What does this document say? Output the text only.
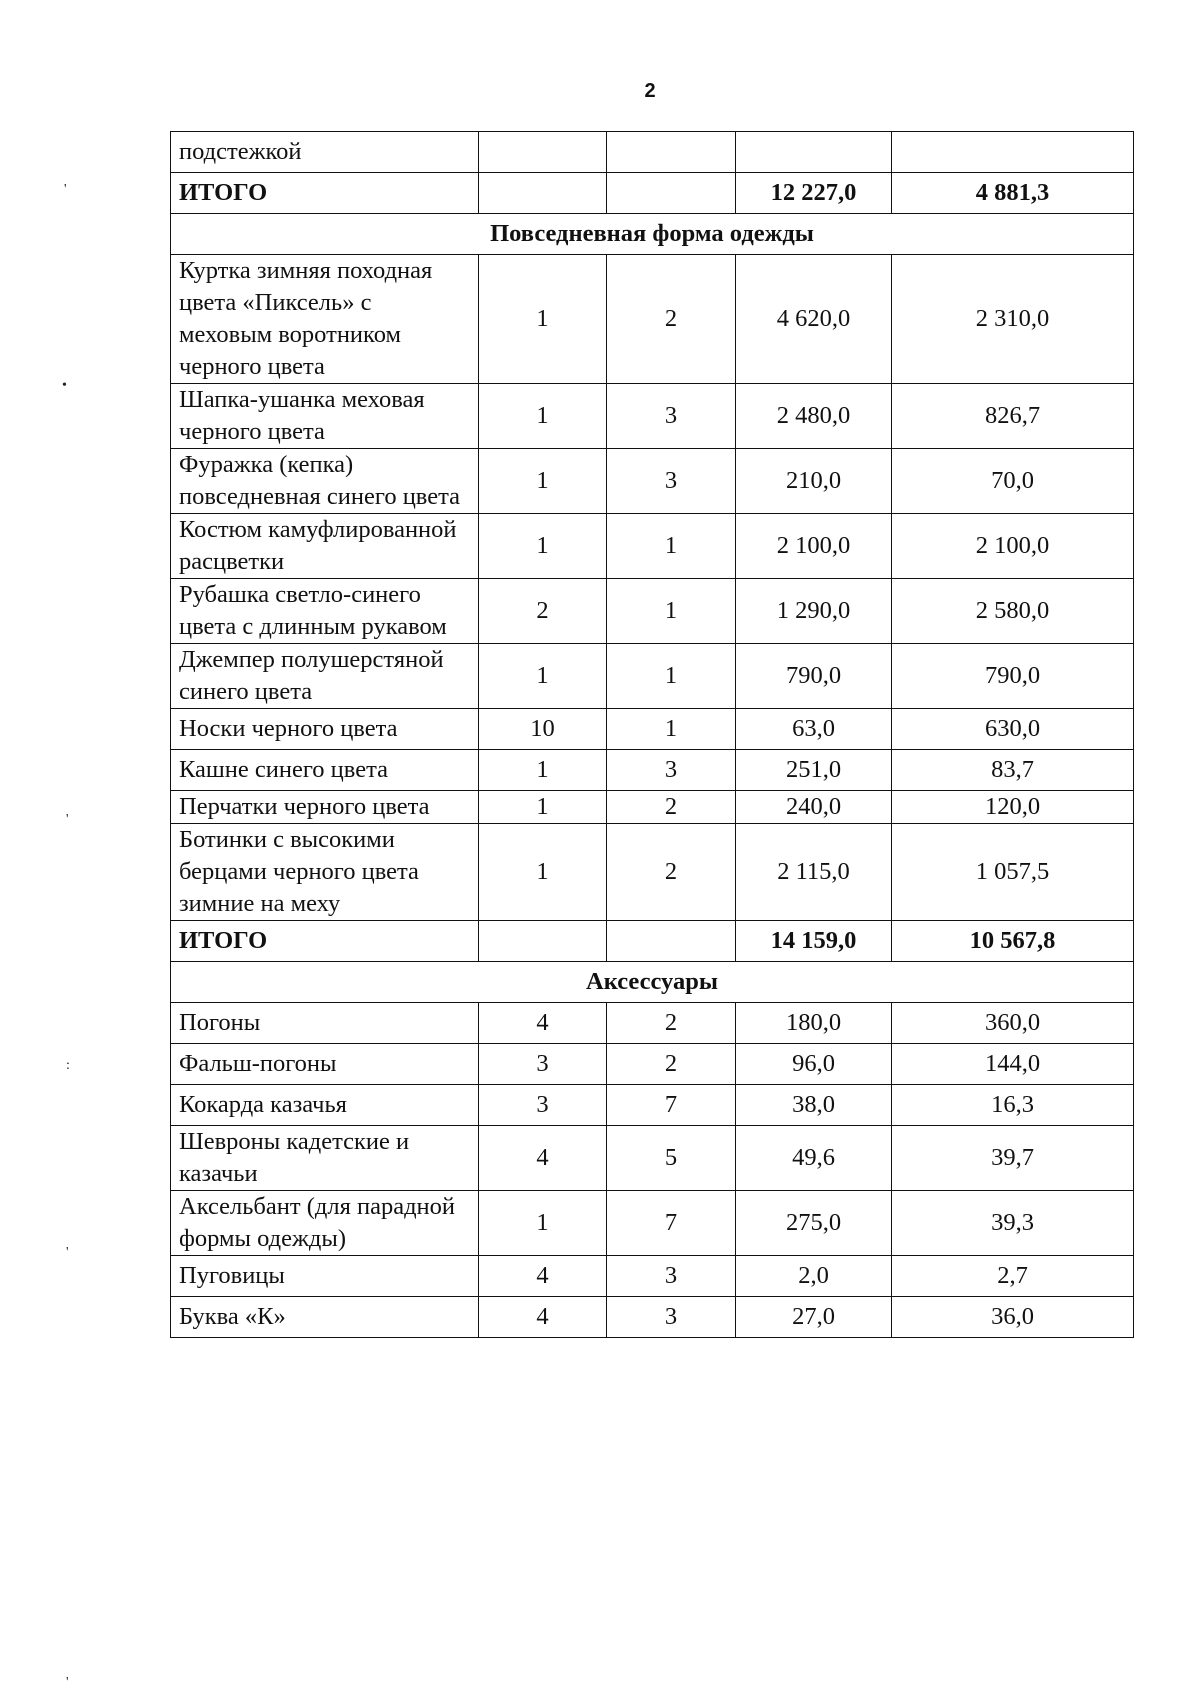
2
'
•
'
:
'
'
подстежкой				
ИТОГО			12 227,0	4 881,3
Повседневная форма одежды				
Куртка зимняя походная цвета «Пиксель» с меховым воротником черного цвета	1	2	4 620,0	2 310,0
Шапка-ушанка меховая черного цвета	1	3	2 480,0	826,7
Фуражка (кепка) повседневная синего цвета	1	3	210,0	70,0
Костюм камуфлированной расцветки	1	1	2 100,0	2 100,0
Рубашка светло-синего цвета с длинным рукавом	2	1	1 290,0	2 580,0
Джемпер полушерстяной синего цвета	1	1	790,0	790,0
Носки черного цвета	10	1	63,0	630,0
Кашне синего цвета	1	3	251,0	83,7
Перчатки черного цвета	1	2	240,0	120,0
Ботинки с высокими берцами черного цвета зимние на меху	1	2	2 115,0	1 057,5
ИТОГО			14 159,0	10 567,8
Аксессуары				
Погоны	4	2	180,0	360,0
Фальш-погоны	3	2	96,0	144,0
Кокарда казачья	3	7	38,0	16,3
Шевроны кадетские и казачьи	4	5	49,6	39,7
Аксельбант (для парадной формы одежды)	1	7	275,0	39,3
Пуговицы	4	3	2,0	2,7
Буква «К»	4	3	27,0	36,0
